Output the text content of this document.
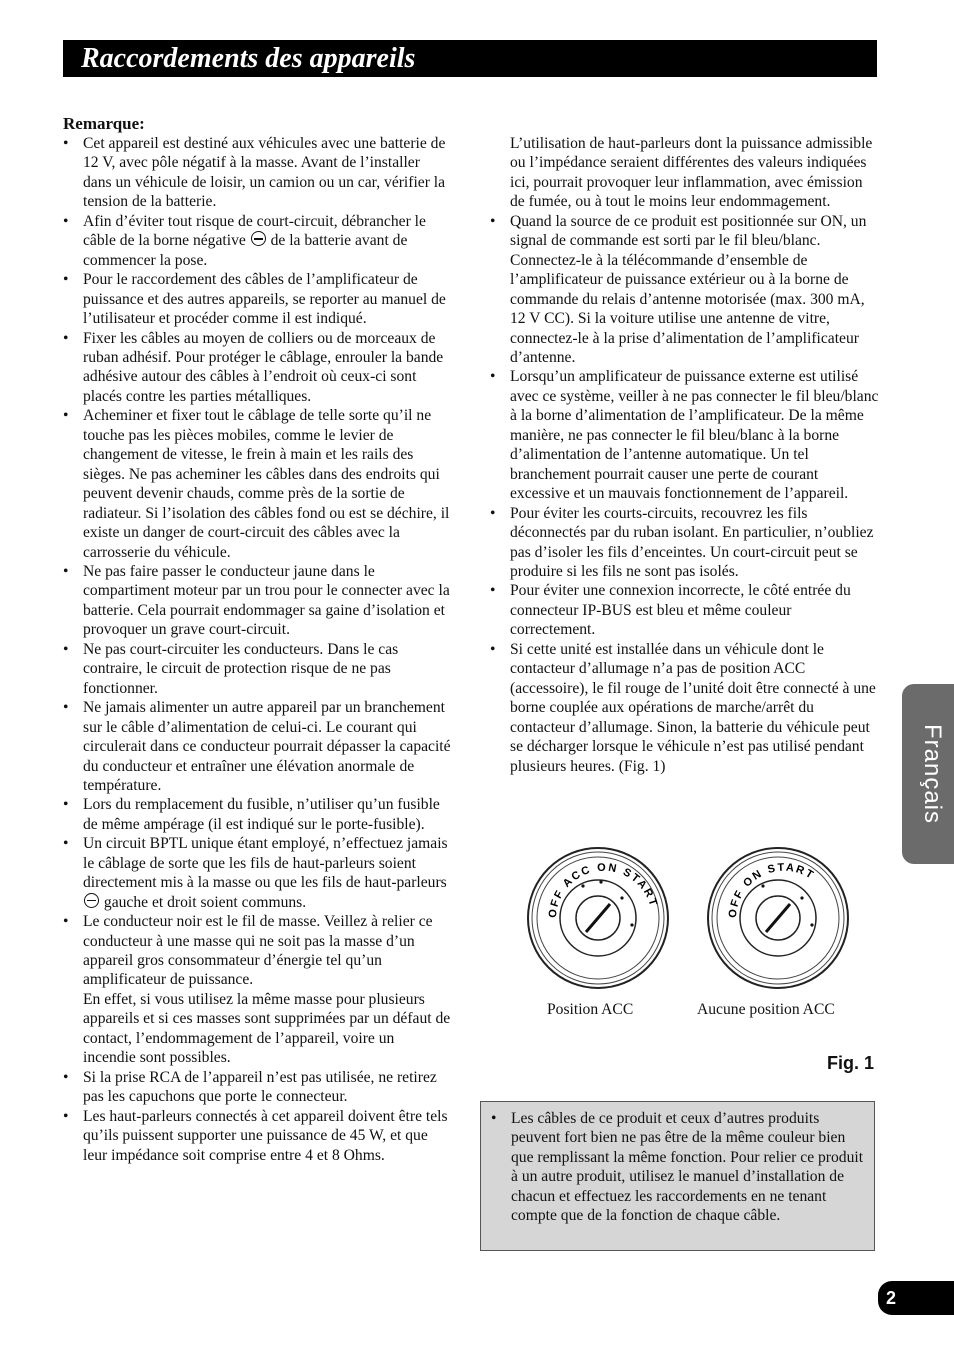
Raccordements des appareils
Remarque:
• Cet appareil est destiné aux véhicules avec une batterie de 12 V, avec pôle négatif à la masse. Avant de l’installer dans un véhicule de loisir, un camion ou un car, vérifier la tension de la batterie.
• Afin d’éviter tout risque de court-circuit, débrancher le câble de la borne négative  de la batterie avant de commencer la pose.
• Pour le raccordement des câbles de l’amplificateur de puissance et des autres appareils, se reporter au manuel de l’utilisateur et procéder comme il est indiqué.
• Fixer les câbles au moyen de colliers ou de morceaux de ruban adhésif. Pour protéger le câblage, enrouler la bande adhésive autour des câbles à l’endroit où ceux-ci sont placés contre les parties métalliques.
• Acheminer et fixer tout le câblage de telle sorte qu’il ne touche pas les pièces mobiles, comme le levier de changement de vitesse, le frein à main et les rails des sièges. Ne pas acheminer les câbles dans des endroits qui peuvent devenir chauds, comme près de la sortie de radiateur. Si l’isolation des câbles fond ou est se déchire, il existe un danger de court-circuit des câbles avec la carrosserie du véhicule.
• Ne pas faire passer le conducteur jaune dans le compartiment moteur par un trou pour le connecter avec la batterie. Cela pourrait endommager sa gaine d’isolation et provoquer un grave court-circuit.
• Ne pas court-circuiter les conducteurs. Dans le cas contraire, le circuit de protection risque de ne pas fonctionner.
• Ne jamais alimenter un autre appareil par un branchement sur le câble d’alimentation de celui-ci. Le courant qui circulerait dans ce conducteur pourrait dépasser la capacité du conducteur et entraîner une élévation anormale de température.
• Lors du remplacement du fusible, n’utiliser qu’un fusible de même ampérage (il est indiqué sur le porte-fusible).
• Un circuit BPTL unique étant employé, n’effectuez jamais le câblage de sorte que les fils de haut-parleurs soient directement mis à la masse ou que les fils de haut-parleurs  gauche et droit soient communs.
• Le conducteur noir est le fil de masse. Veillez à relier ce conducteur à une masse qui ne soit pas la masse d’un appareil gros consommateur d’énergie tel qu’un amplificateur de puissance.
En effet, si vous utilisez la même masse pour plusieurs appareils et si ces masses sont supprimées par un défaut de contact, l’endommagement de l’appareil, voire un incendie sont possibles.
• Si la prise RCA de l’appareil n’est pas utilisée, ne retirez pas les capuchons que porte le connecteur.
• Les haut-parleurs connectés à cet appareil doivent être tels qu’ils puissent supporter une puissance de 45 W, et que leur impédance soit comprise entre 4 et 8 Ohms.
L’utilisation de haut-parleurs dont la puissance admissible ou l’impédance seraient différentes des valeurs indiquées ici, pourrait provoquer leur inflammation, avec émission de fumée, ou à tout le moins leur endommagement.
• Quand la source de ce produit est positionnée sur ON, un signal de commande est sorti par le fil bleu/blanc. Connectez-le à la télécommande d’ensemble de l’amplificateur de puissance extérieur ou à la borne de commande du relais d’antenne motorisée (max. 300 mA, 12 V CC). Si la voiture utilise une antenne de vitre, connectez-le à la prise d’alimentation de l’amplificateur d’antenne.
• Lorsqu’un amplificateur de puissance externe est utilisé avec ce système, veiller à ne pas connecter le fil bleu/blanc à la borne d’alimentation de l’amplificateur. De la même manière, ne pas connecter le fil bleu/blanc à la borne d’alimentation de l’antenne automatique. Un tel branchement pourrait causer une perte de courant excessive et un mauvais fonctionnement de l’appareil.
• Pour éviter les courts-circuits, recouvrez les fils déconnectés par du ruban isolant. En particulier, n’oubliez pas d’isoler les fils d’enceintes. Un court-circuit peut se produire si les fils ne sont pas isolés.
• Pour éviter une connexion incorrecte, le côté entrée du connecteur IP-BUS est bleu et même couleur correctement.
• Si cette unité est installée dans un véhicule dont le contacteur d’allumage n’a pas de position ACC (accessoire), le fil rouge de l’unité doit être connecté à une borne couplée aux opérations de marche/arrêt du contacteur d’allumage. Sinon, la batterie du véhicule peut se décharger lorsque le véhicule n’est pas utilisé pendant plusieurs heures. (Fig. 1)
OFF ACC ON START
OFF ON START
Position ACC	Aucune position ACC
Fig. 1
• Les câbles de ce produit et ceux d’autres produits peuvent fort bien ne pas être de la même couleur bien que remplissant la même fonction. Pour relier ce produit à un autre produit, utilisez le manuel d’installation de chacun et effectuez les raccordements en ne tenant compte que de la fonction de chaque câble.
Français
2
